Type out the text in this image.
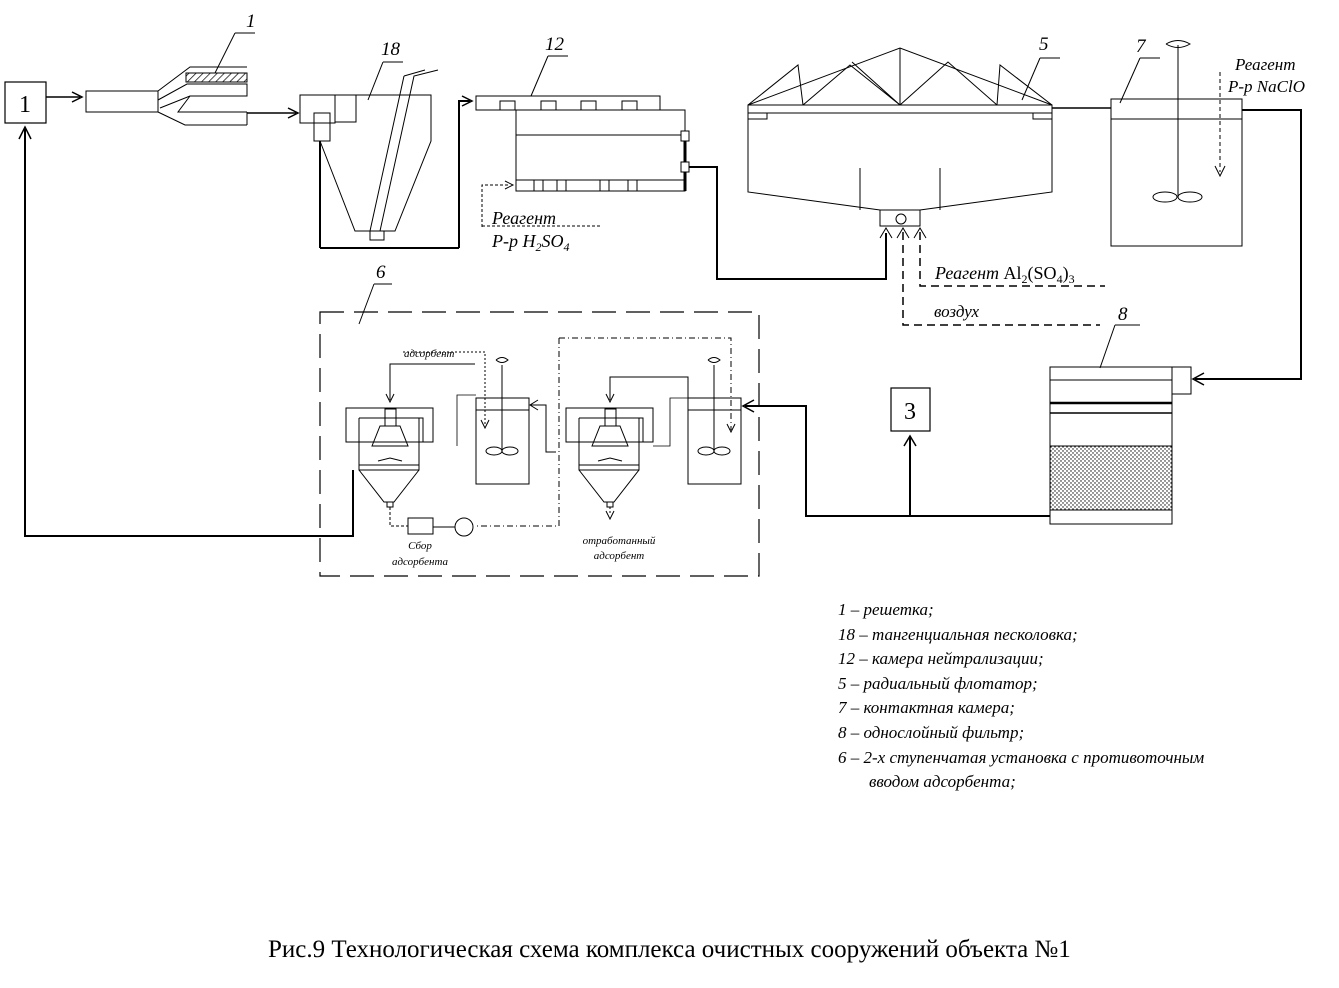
1
1
18	12	5	7
8
3
6
Реагент
Р-р $H_2SO_4$
Реагент
Р-р NaClO
Реагент $Al_2(SO_4)_3$
воздух
адсорбент
Сбор
адсорбента
отработанный
адсорбент
1 – решетка;
18 – тангенциальная песколовка;
12 – камера нейтрализации;
5 – радиальный флотатор;
7 – контактная камера;
8 – однослойный фильтр;
6 – 2-х ступенчатая установка с противоточным
вводом адсорбента;
Рис.9 Технологическая схема комплекса очистных сооружений объекта №1
